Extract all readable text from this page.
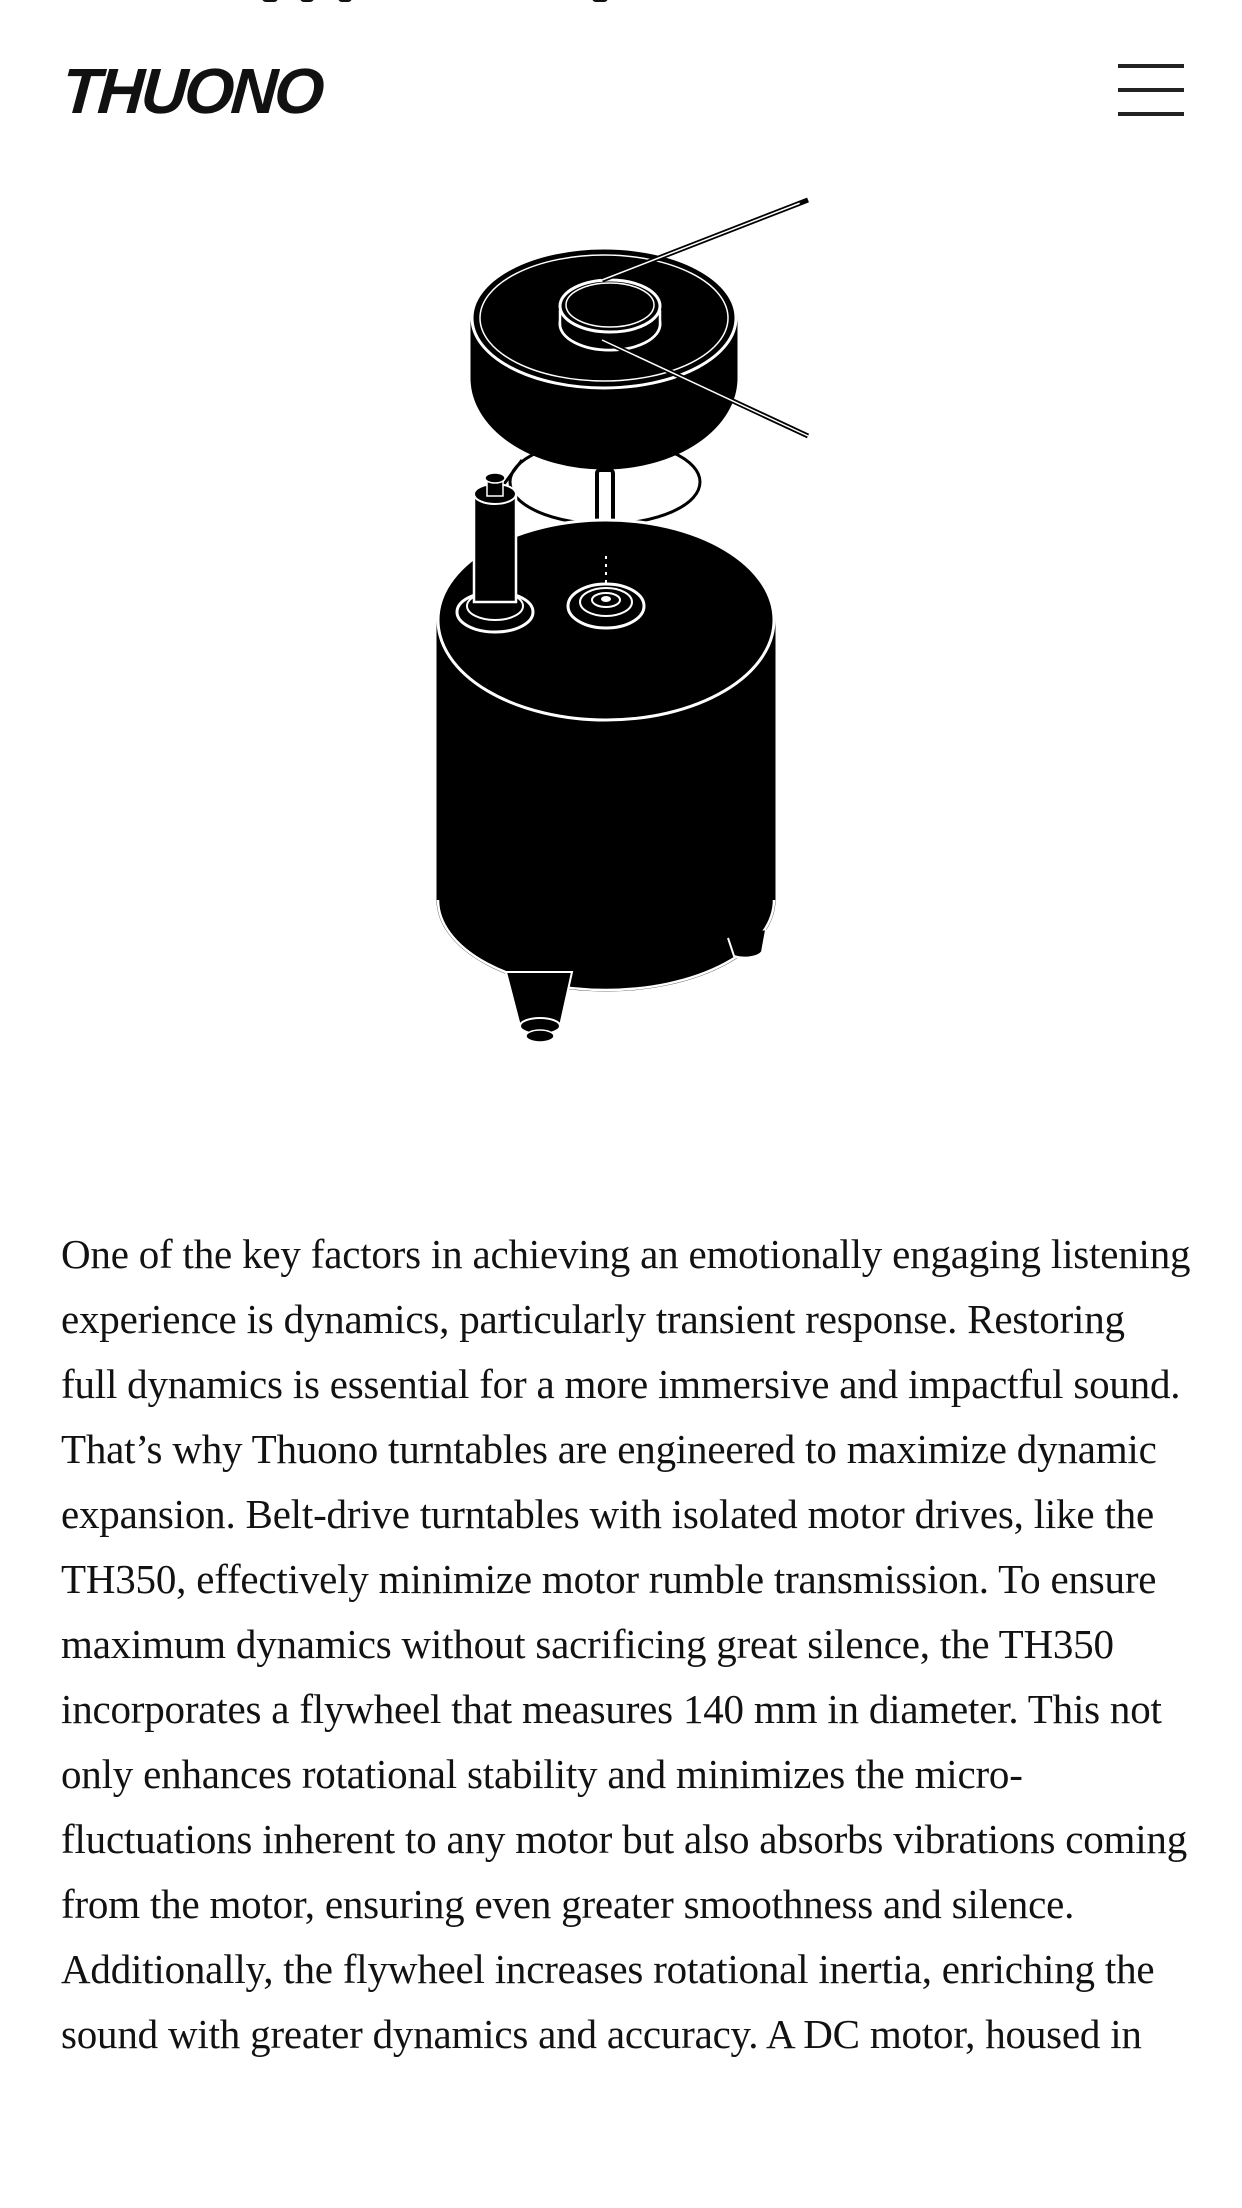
THUONO

One of the key factors in achieving an emotionally engaging listening experience is dynamics, particularly transient response. Restoring full dynamics is essential for a more immersive and impactful sound. That’s why Thuono turntables are engineered to maximize dynamic expansion. Belt-drive turntables with isolated motor drives, like the TH350, effectively minimize motor rumble transmission. To ensure maximum dynamics without sacrificing great silence, the TH350 incorporates a flywheel that measures 140 mm in diameter. This not only enhances rotational stability and minimizes the micro-fluctuations inherent to any motor but also absorbs vibrations coming from the motor, ensuring even greater smoothness and silence. Additionally, the flywheel increases rotational inertia, enriching the sound with greater dynamics and accuracy. A DC motor, housed in
